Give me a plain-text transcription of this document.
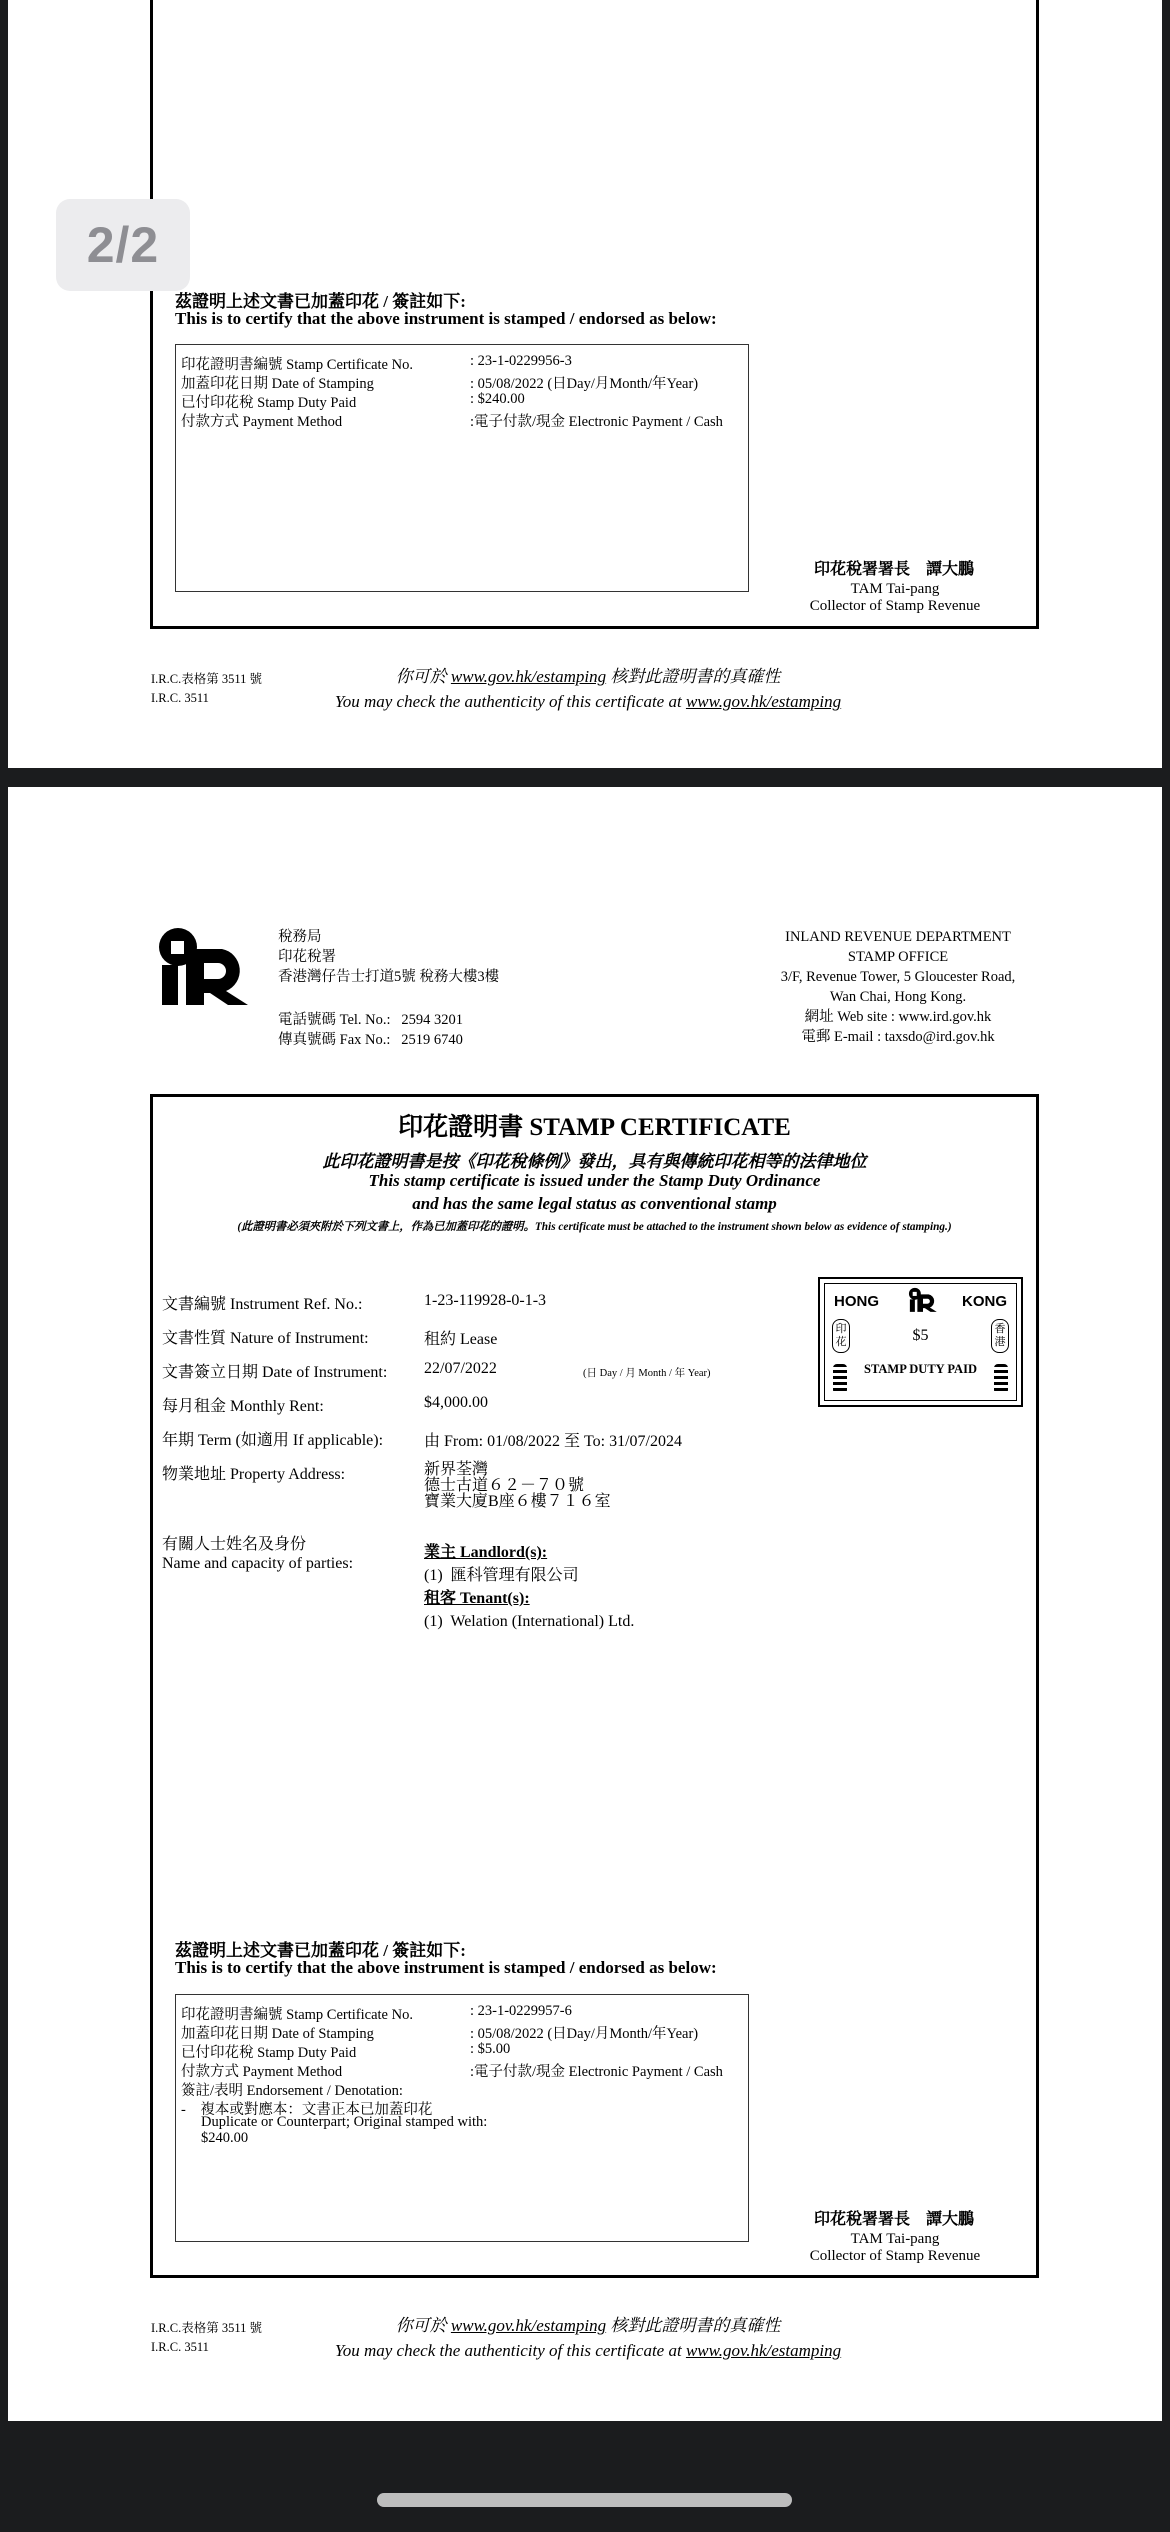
茲證明上述文書已加蓋印花 / 簽註如下:
This is to certify that the above instrument is stamped / endorsed as below:
印花證明書編號 Stamp Certificate No.	: 23-1-0229956-3
加蓋印花日期 Date of Stamping	: 05/08/2022 (日Day/月Month/年Year)
已付印花稅 Stamp Duty Paid	: $240.00
付款方式 Payment Method	:電子付款/現金 Electronic Payment / Cash
印花稅署署長　譚大鵬
TAM Tai-pang
Collector of Stamp Revenue
I.R.C.表格第 3511 號
I.R.C. 3511
你可於 www.gov.hk/estamping 核對此證明書的真確性
You may check the authenticity of this certificate at www.gov.hk/estamping
2/2
稅務局
印花稅署
香港灣仔告士打道5號 稅務大樓3樓
電話號碼 Tel. No.:   2594 3201
傳真號碼 Fax No.:   2519 6740
INLAND REVENUE DEPARTMENT
STAMP OFFICE
3/F, Revenue Tower, 5 Gloucester Road,
Wan Chai, Hong Kong.
網址 Web site : www.ird.gov.hk
電郵 E-mail : taxsdo@ird.gov.hk
印花證明書 STAMP CERTIFICATE
此印花證明書是按《印花稅條例》發出，具有與傳統印花相等的法律地位
This stamp certificate is issued under the Stamp Duty Ordinance
and has the same legal status as conventional stamp
(此證明書必須夾附於下列文書上，作為已加蓋印花的證明。This certificate must be attached to the instrument shown below as evidence of stamping.)
文書編號 Instrument Ref. No.:	1-23-119928-0-1-3
文書性質 Nature of Instrument:	租約 Lease
文書簽立日期 Date of Instrument: 22/07/2022	(日 Day / 月 Month / 年 Year)
每月租金 Monthly Rent:	$4,000.00
年期 Term (如適用 If applicable):	由 From: 01/08/2022 至 To: 31/07/2024
物業地址 Property Address:	新界荃灣
德士古道６２－７０號
寶業大廈B座６樓７１６室
有關人士姓名及身份
Name and capacity of parties:
業主 Landlord(s):
(1)  匯科管理有限公司
租客 Tenant(s):
(1)  Welation (International) Ltd.
HONG	KONG
印花
香港
$5
STAMP DUTY PAID
茲證明上述文書已加蓋印花 / 簽註如下:
This is to certify that the above instrument is stamped / endorsed as below:
印花證明書編號 Stamp Certificate No.	: 23-1-0229957-6
加蓋印花日期 Date of Stamping	: 05/08/2022 (日Day/月Month/年Year)
已付印花稅 Stamp Duty Paid	: $5.00
付款方式 Payment Method	:電子付款/現金 Electronic Payment / Cash
簽註/表明 Endorsement / Denotation:
-　複本或對應本：文書正本已加蓋印花
Duplicate or Counterpart; Original stamped with:
$240.00
印花稅署署長　譚大鵬
TAM Tai-pang
Collector of Stamp Revenue
I.R.C.表格第 3511 號
I.R.C. 3511
你可於 www.gov.hk/estamping 核對此證明書的真確性
You may check the authenticity of this certificate at www.gov.hk/estamping
